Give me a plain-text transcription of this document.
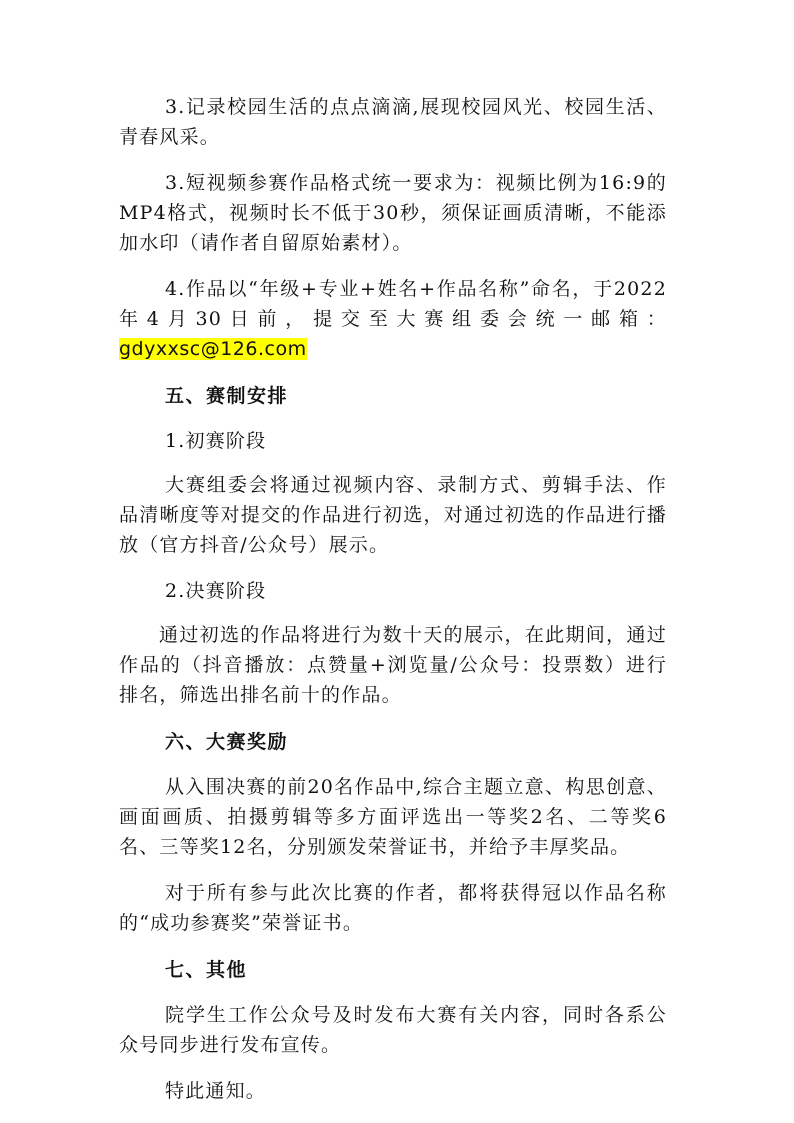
3.记录校园生活的点点滴滴,展现校园风光、校园生活、青春风采。

3.短视频参赛作品格式统一要求为：视频比例为16:9的MP4格式，视频时长不低于30秒，须保证画质清晰，不能添加水印（请作者自留原始素材）。

4.作品以“年级+专业+姓名+作品名称”命名，于2022年4月30日前，提交至大赛组委会统一邮箱：gdyxxsc@126.com

五、赛制安排

1.初赛阶段

大赛组委会将通过视频内容、录制方式、剪辑手法、作品清晰度等对提交的作品进行初选，对通过初选的作品进行播放（官方抖音/公众号）展示。

2.决赛阶段

通过初选的作品将进行为数十天的展示，在此期间，通过作品的（抖音播放：点赞量+浏览量/公众号：投票数）进行排名，筛选出排名前十的作品。

六、大赛奖励

从入围决赛的前20名作品中,综合主题立意、构思创意、画面画质、拍摄剪辑等多方面评选出一等奖2名、二等奖6名、三等奖12名，分别颁发荣誉证书，并给予丰厚奖品。

对于所有参与此次比赛的作者，都将获得冠以作品名称的“成功参赛奖”荣誉证书。

七、其他

院学生工作公众号及时发布大赛有关内容，同时各系公众号同步进行发布宣传。

特此通知。
